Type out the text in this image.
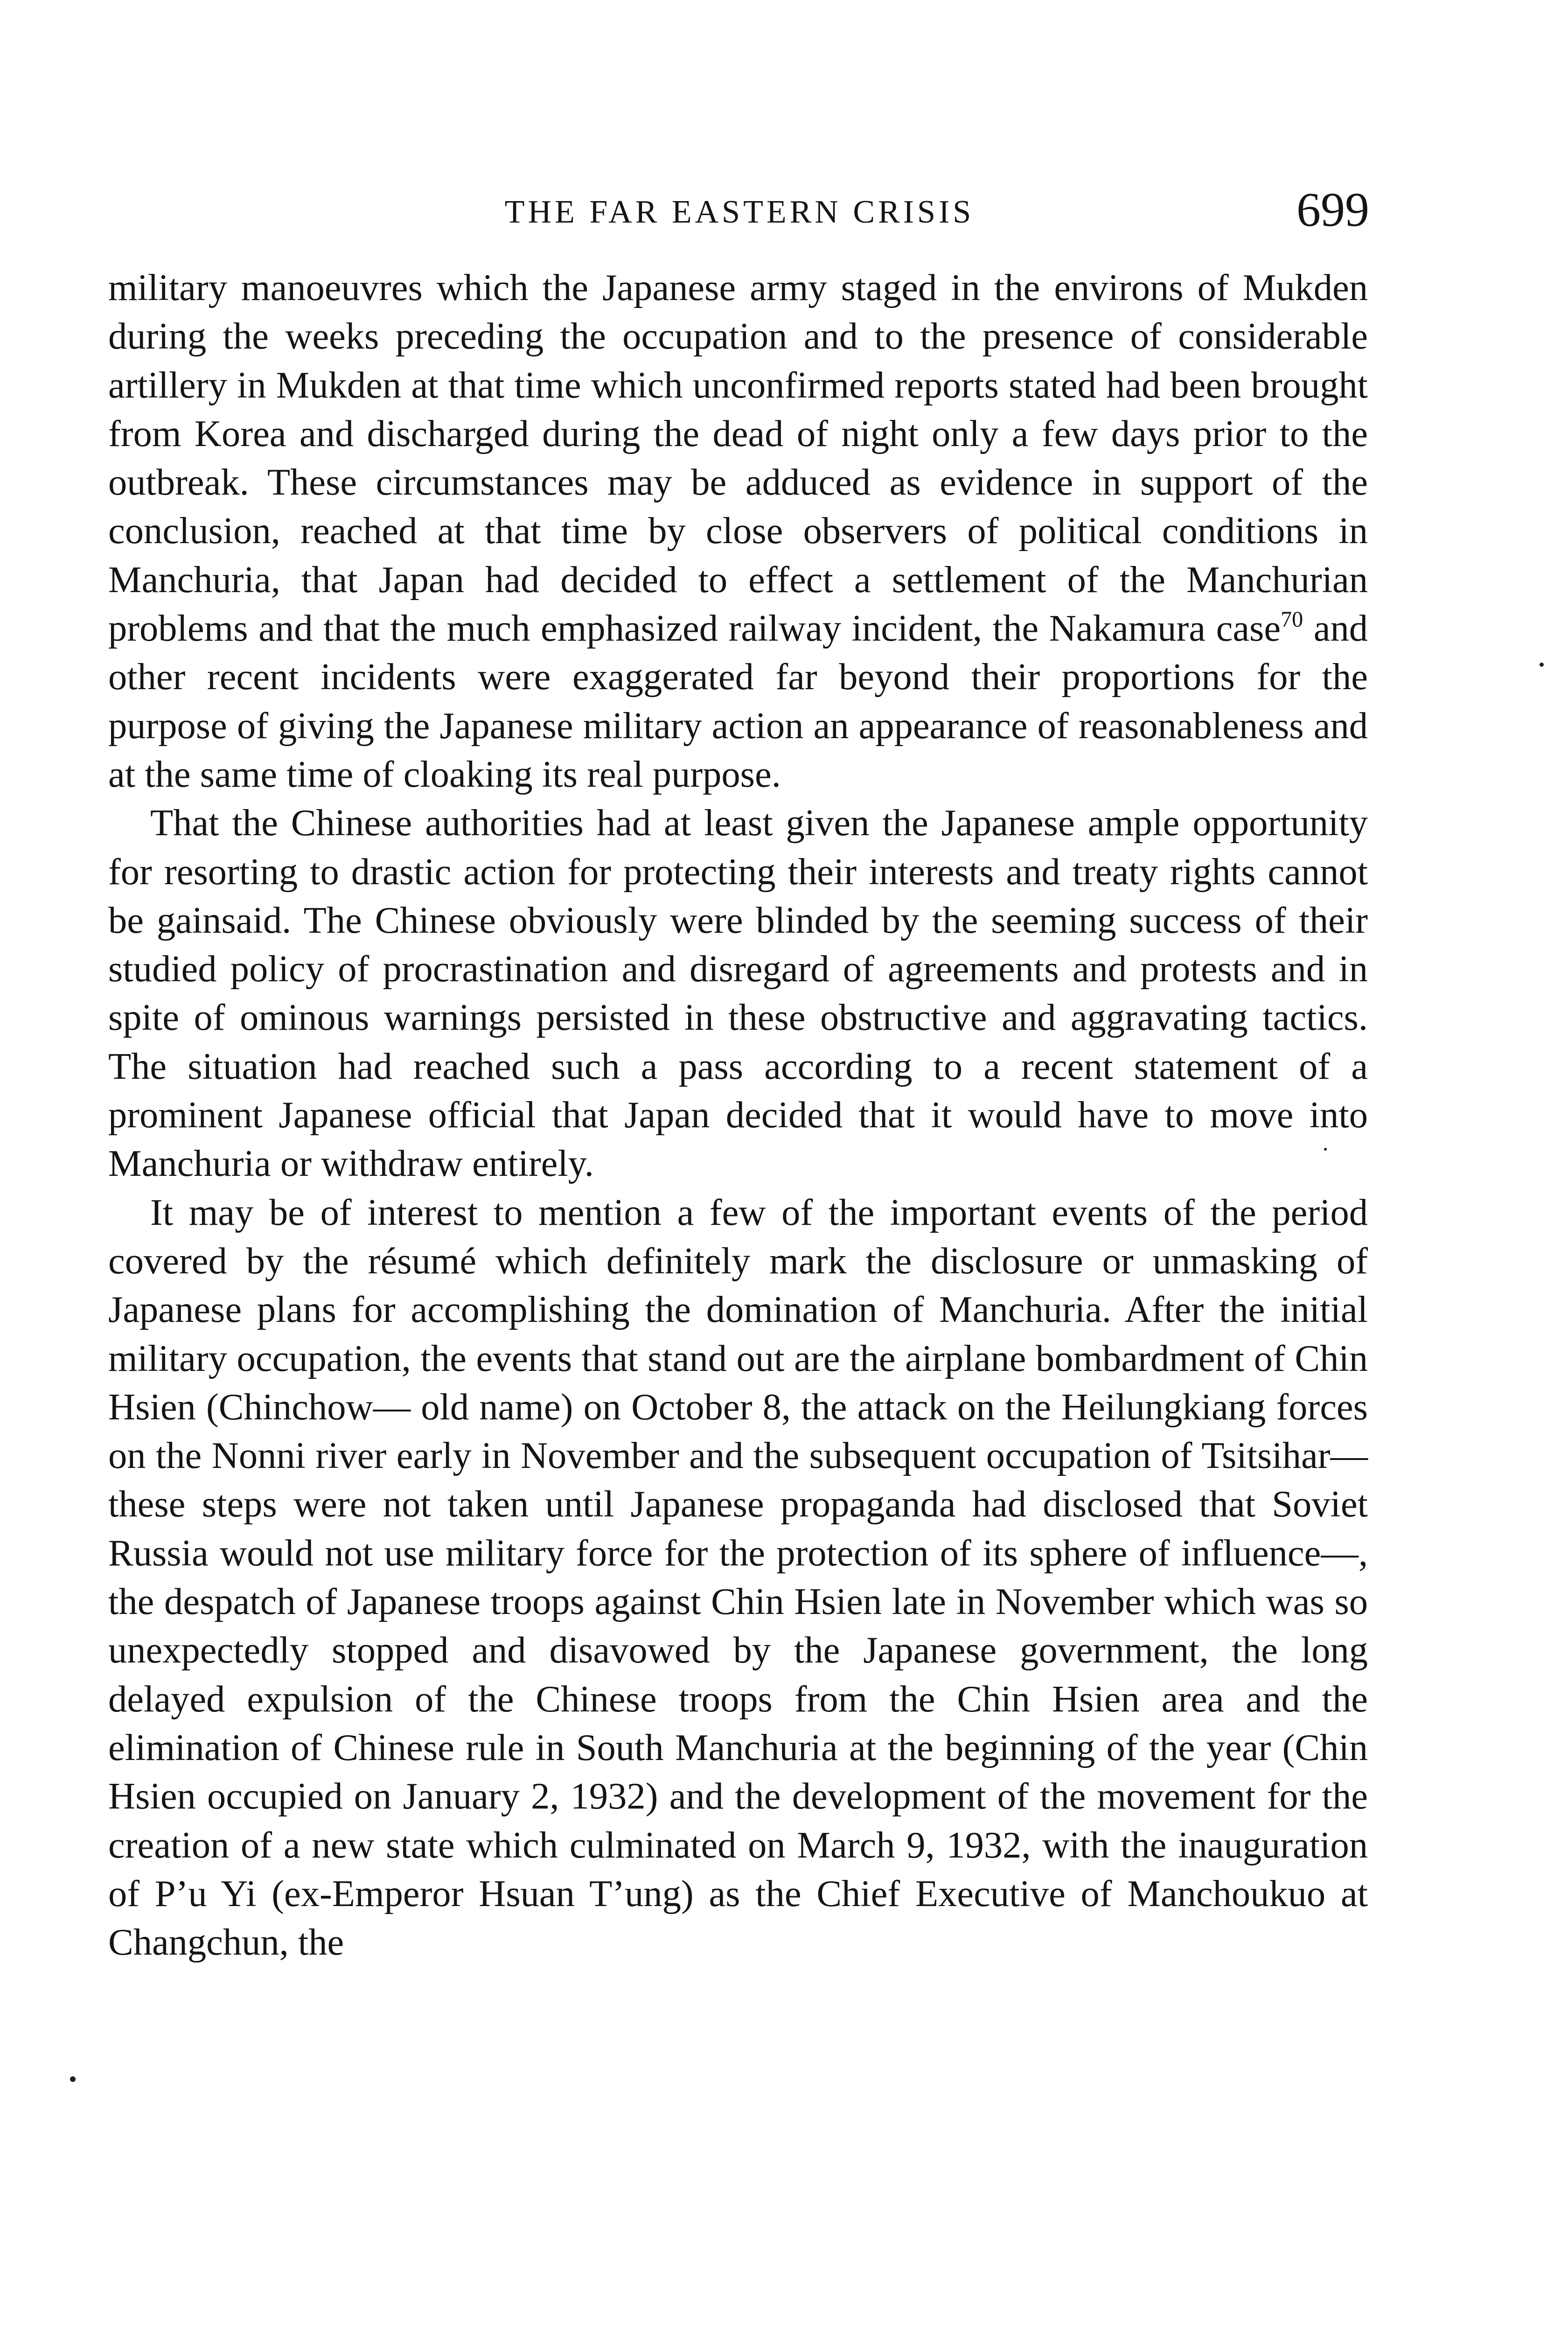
THE FAR EASTERN CRISIS	699

military manoeuvres which the Japanese army staged in the environs of Mukden during the weeks preceding the occupation and to the presence of considerable artillery in Mukden at that time which unconfirmed reports stated had been brought from Korea and discharged during the dead of night only a few days prior to the outbreak. These circumstances may be adduced as evidence in support of the conclusion, reached at that time by close observers of political conditions in Manchuria, that Japan had decided to effect a settlement of the Manchurian problems and that the much emphasized railway incident, the Nakamura case$^{70}$ and other recent incidents were exaggerated far beyond their proportions for the purpose of giving the Japanese military action an appearance of reasonableness and at the same time of cloaking its real purpose.

That the Chinese authorities had at least given the Japanese ample opportunity for resorting to drastic action for protecting their interests and treaty rights cannot be gainsaid. The Chinese obviously were blinded by the seeming success of their studied policy of procrastination and disregard of agreements and protests and in spite of ominous warnings persisted in these obstructive and aggravating tactics. The situation had reached such a pass according to a recent statement of a prominent Japanese official that Japan decided that it would have to move into Manchuria or withdraw entirely.

It may be of interest to mention a few of the important events of the period covered by the résumé which definitely mark the disclosure or unmasking of Japanese plans for accomplishing the domination of Manchuria. After the initial military occupation, the events that stand out are the airplane bombardment of Chin Hsien (Chinchow— old name) on October 8, the attack on the Heilungkiang forces on the Nonni river early in November and the subsequent occupation of Tsitsihar—these steps were not taken until Japanese propaganda had disclosed that Soviet Russia would not use military force for the protection of its sphere of influence—, the despatch of Japanese troops against Chin Hsien late in November which was so unexpectedly stopped and disavowed by the Japanese government, the long delayed expulsion of the Chinese troops from the Chin Hsien area and the elimination of Chinese rule in South Manchuria at the beginning of the year (Chin Hsien occupied on January 2, 1932) and the development of the movement for the creation of a new state which culminated on March 9, 1932, with the inauguration of P’u Yi (ex-Emperor Hsuan T’ung) as the Chief Executive of Manchoukuo at Changchun, the
